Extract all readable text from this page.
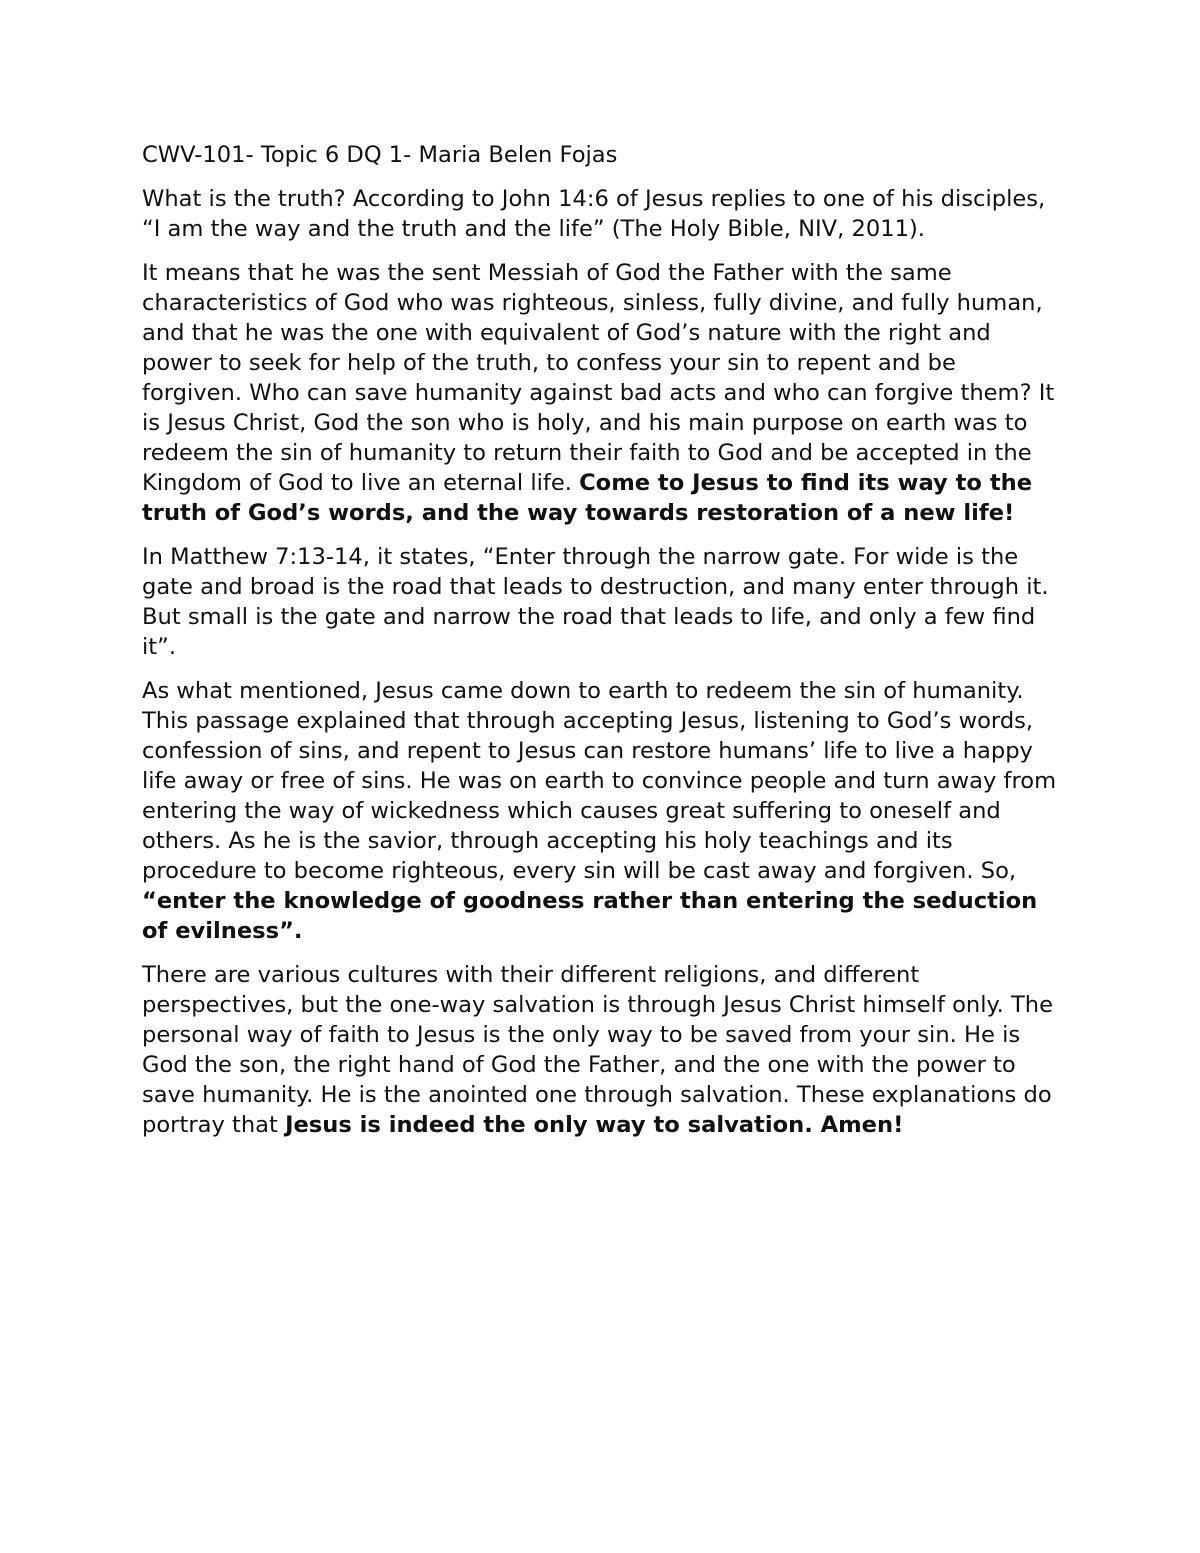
CWV-101- Topic 6 DQ 1- Maria Belen Fojas

What is the truth? According to John 14:6 of Jesus replies to one of his disciples, “I am the way and the truth and the life” (The Holy Bible, NIV, 2011).

It means that he was the sent Messiah of God the Father with the same characteristics of God who was righteous, sinless, fully divine, and fully human, and that he was the one with equivalent of God’s nature with the right and power to seek for help of the truth, to confess your sin to repent and be forgiven. Who can save humanity against bad acts and who can forgive them? It is Jesus Christ, God the son who is holy, and his main purpose on earth was to redeem the sin of humanity to return their faith to God and be accepted in the Kingdom of God to live an eternal life. Come to Jesus to find its way to the truth of God’s words, and the way towards restoration of a new life!

In Matthew 7:13-14, it states, “Enter through the narrow gate. For wide is the gate and broad is the road that leads to destruction, and many enter through it. But small is the gate and narrow the road that leads to life, and only a few find it”.

As what mentioned, Jesus came down to earth to redeem the sin of humanity. This passage explained that through accepting Jesus, listening to God’s words, confession of sins, and repent to Jesus can restore humans’ life to live a happy life away or free of sins. He was on earth to convince people and turn away from entering the way of wickedness which causes great suffering to oneself and others. As he is the savior, through accepting his holy teachings and its procedure to become righteous, every sin will be cast away and forgiven. So, “enter the knowledge of goodness rather than entering the seduction of evilness”.

There are various cultures with their different religions, and different perspectives, but the one-way salvation is through Jesus Christ himself only. The personal way of faith to Jesus is the only way to be saved from your sin. He is God the son, the right hand of God the Father, and the one with the power to save humanity. He is the anointed one through salvation. These explanations do portray that Jesus is indeed the only way to salvation. Amen!
